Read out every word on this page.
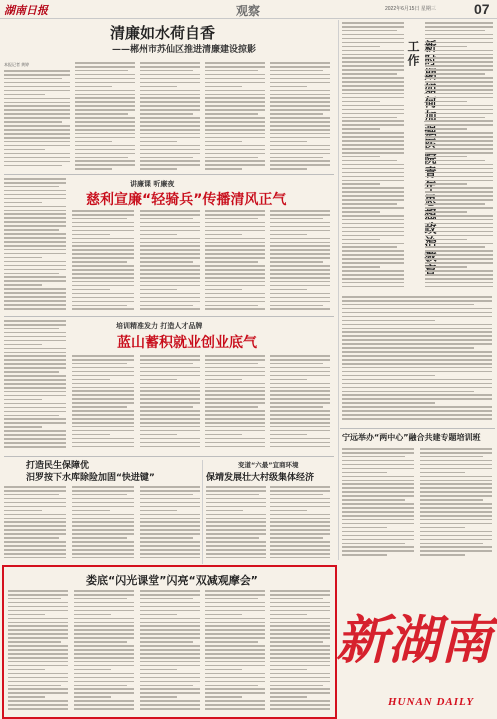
湖南日报	观察	2022年6月15日 星期三	07
清廉如水荷自香
——郴州市苏仙区推进清廉建设掠影
本报记者 黄婷
讲廉课 听廉夜
慈利宣廉“轻骑兵”传播清风正气
培训精准发力 打造人才品牌
蓝山蓄积就业创业底气
打造民生保障优
汨罗按下水库除险加固“快进键”
变道“六最”宜商环境
保靖发展壮大村级集体经济
新时期如何加强医院青年思想政治教育工作
宁远举办“两中心”融合共建专题培训班
娄底“闪光课堂”闪亮“双减观摩会”
新湖南
HUNAN DAILY
